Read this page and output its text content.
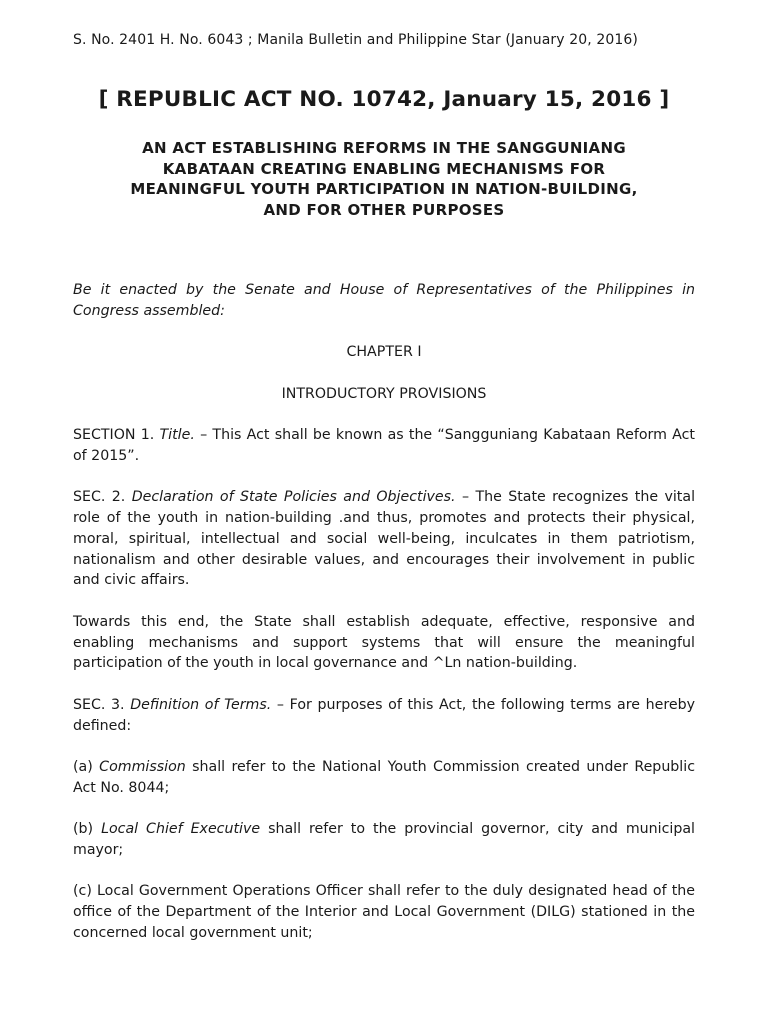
S. No. 2401 H. No. 6043 ; Manila Bulletin and Philippine Star (January 20, 2016)

[ REPUBLIC ACT NO. 10742, January 15, 2016 ]
AN ACT ESTABLISHING REFORMS IN THE SANGGUNIANG
KABATAAN CREATING ENABLING MECHANISMS FOR
MEANINGFUL YOUTH PARTICIPATION IN NATION-BUILDING,
AND FOR OTHER PURPOSES

Be it enacted by the Senate and House of Representatives of the Philippines in Congress assembled:

CHAPTER I

INTRODUCTORY PROVISIONS

SECTION 1. Title. – This Act shall be known as the “Sangguniang Kabataan Reform Act of 2015”.

SEC. 2. Declaration of State Policies and Objectives. – The State recognizes the vital role of the youth in nation-building .and thus, promotes and protects their physical, moral, spiritual, intellectual and social well-being, inculcates in them patriotism, nationalism and other desirable values, and encourages their involvement in public and civic affairs.

Towards this end, the State shall establish adequate, effective, responsive and enabling mechanisms and support systems that will ensure the meaningful participation of the youth in local governance and ^Ln nation-building.

SEC. 3. Definition of Terms. – For purposes of this Act, the following terms are hereby defined:

(a) Commission shall refer to the National Youth Commission created under Republic Act No. 8044;

(b) Local Chief Executive shall refer to the provincial governor, city and municipal mayor;

(c) Local Government Operations Officer shall refer to the duly designated head of the office of the Department of the Interior and Local Government (DILG) stationed in the concerned local government unit;
